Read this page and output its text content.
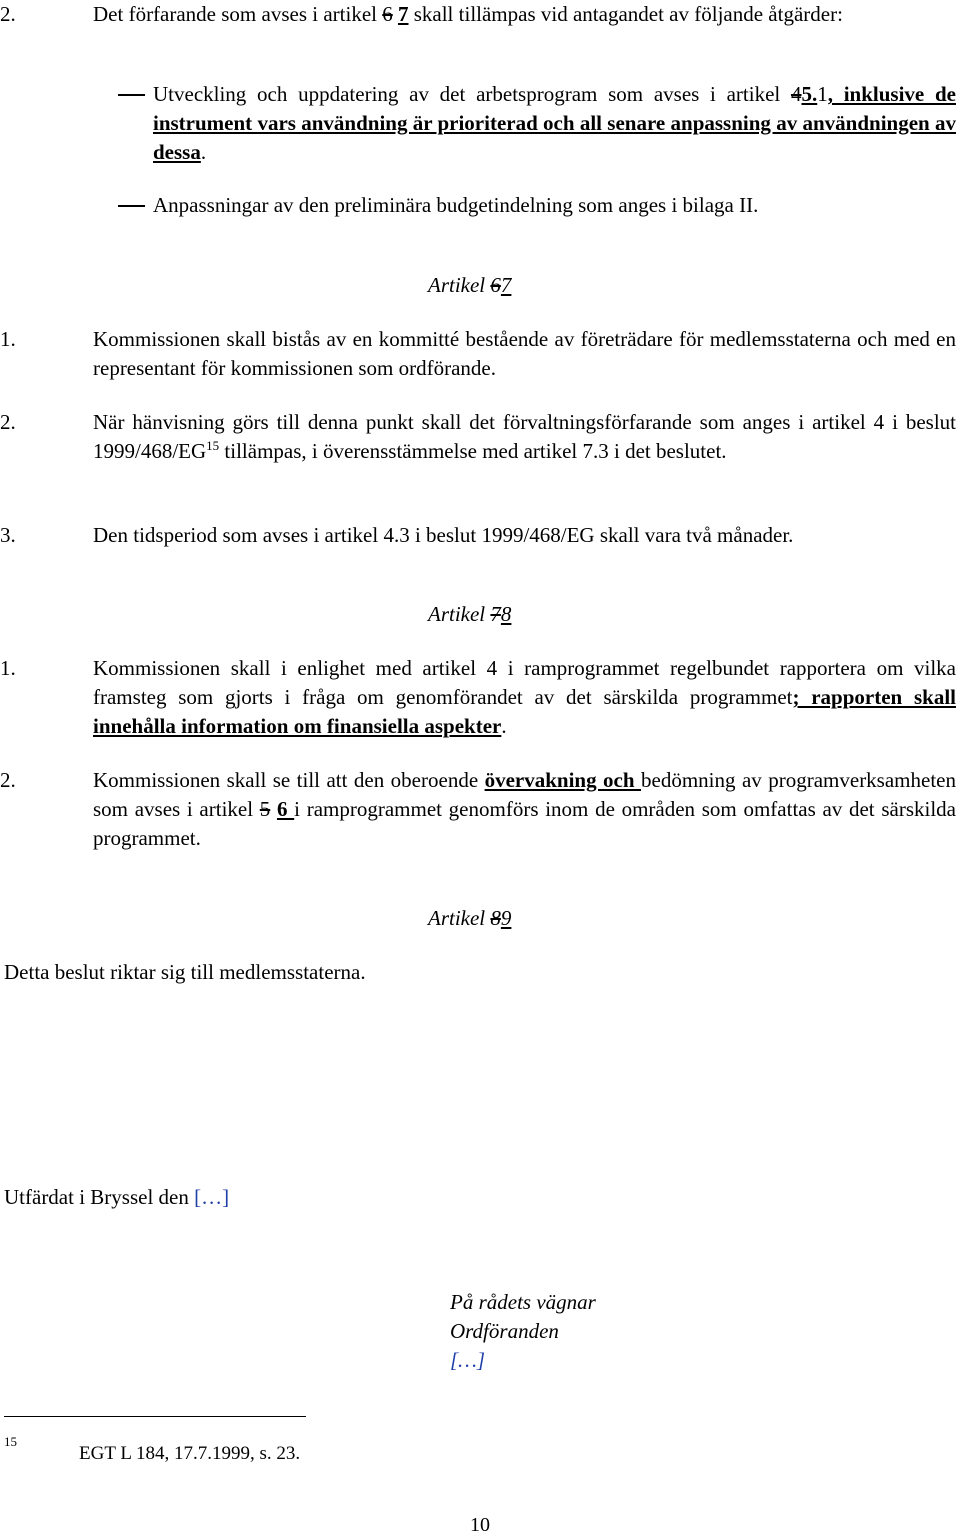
2.	Det förfarande som avses i artikel 6 7 skall tillämpas vid antagandet av följande åtgärder:
Utveckling och uppdatering av det arbetsprogram som avses i artikel 45.1, inklusive de instrument vars användning är prioriterad och all senare anpassning av användningen av dessa.
Anpassningar av den preliminära budgetindelning som anges i bilaga II.
Artikel 67
1.	Kommissionen skall bistås av en kommitté bestående av företrädare för medlemsstaterna och med en representant för kommissionen som ordförande.
2.	När hänvisning görs till denna punkt skall det förvaltningsförfarande som anges i artikel 4 i beslut 1999/468/EG$^{15}$ tillämpas, i överensstämmelse med artikel 7.3 i det beslutet.
3.	Den tidsperiod som avses i artikel 4.3 i beslut 1999/468/EG skall vara två månader.
Artikel 78
1.	Kommissionen skall i enlighet med artikel 4 i ramprogrammet regelbundet rapportera om vilka framsteg som gjorts i fråga om genomförandet av det särskilda programmet; rapporten skall innehålla information om finansiella aspekter.
2.	Kommissionen skall se till att den oberoende övervakning och bedömning av programverksamheten som avses i artikel 5 6 i ramprogrammet genomförs inom de områden som omfattas av det särskilda programmet.
Artikel 89
Detta beslut riktar sig till medlemsstaterna.
Utfärdat i Bryssel den […]
På rådets vägnar
Ordföranden
[…]
15
EGT L 184, 17.7.1999, s. 23.
10
